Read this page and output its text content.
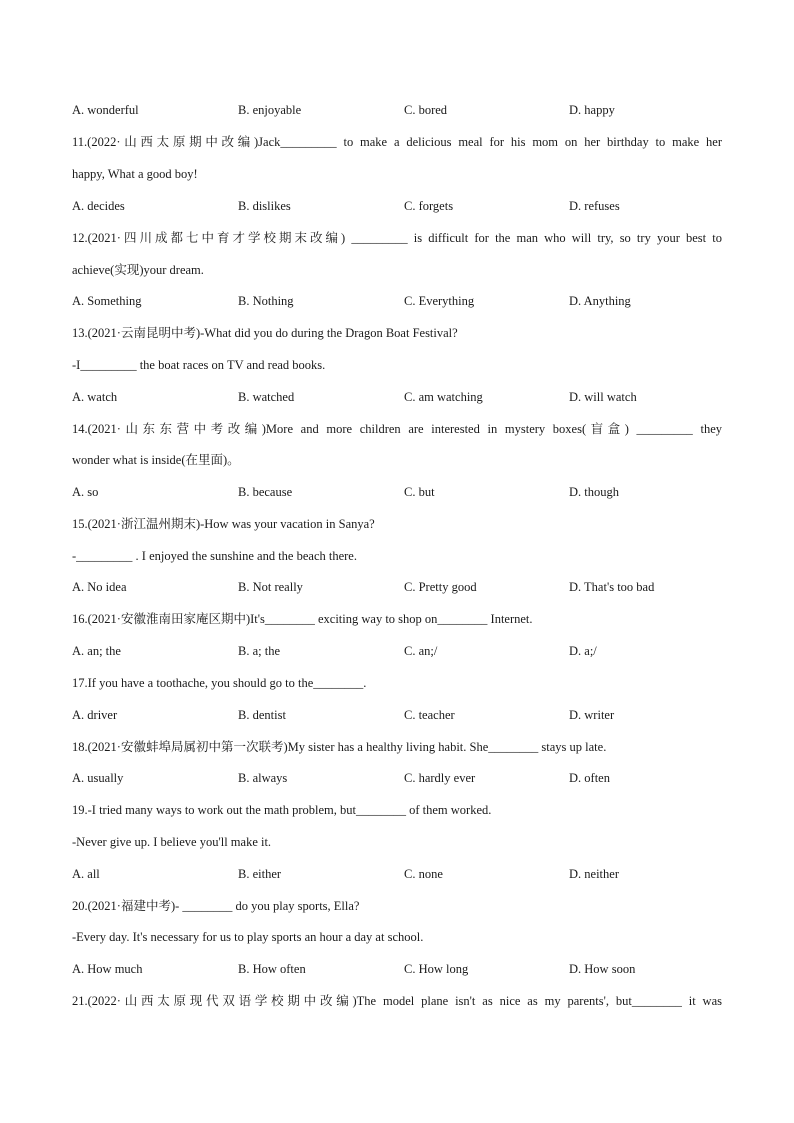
A. wonderful	B. enjoyable	C. bored	D. happy
11.(2022·山西太原期中改编)Jack_________ to make a delicious meal for his mom on her birthday to make her
happy, What a good boy!
A. decides	B. dislikes	C. forgets	D. refuses
12.(2021·四川成都七中育才学校期末改编) _________ is difficult for the man who will try, so try your best to
achieve(实现)your dream.
A. Something	B. Nothing	C. Everything	D. Anything
13.(2021·云南昆明中考)-What did you do during the Dragon Boat Festival?
-I_________ the boat races on TV and read books.
A. watch	B. watched	C. am watching	D. will watch
14.(2021·山东东营中考改编)More and more children are interested in mystery boxes(盲盒) _________ they
wonder what is inside(在里面)。
A. so	B. because	C. but	D. though
15.(2021·浙江温州期末)-How was your vacation in Sanya?
-_________ . I enjoyed the sunshine and the beach there.
A. No idea	B. Not really	C. Pretty good	D. That's too bad
16.(2021·安徽淮南田家庵区期中)It's________ exciting way to shop on________ Internet.
A. an; the	B. a; the	C. an;/	D. a;/
17.If you have a toothache, you should go to the________.
A. driver	B. dentist	C. teacher	D. writer
18.(2021·安徽蚌埠局属初中第一次联考)My sister has a healthy living habit. She________ stays up late.
A. usually	B. always	C. hardly ever	D. often
19.-I tried many ways to work out the math problem, but________ of them worked.
-Never give up. I believe you'll make it.
A. all	B. either	C. none	D. neither
20.(2021·福建中考)- ________ do you play sports, Ella?
-Every day. It's necessary for us to play sports an hour a day at school.
A. How much	B. How often	C. How long	D. How soon
21.(2022·山西太原现代双语学校期中改编)The model plane isn't as nice as my parents', but________ it was
